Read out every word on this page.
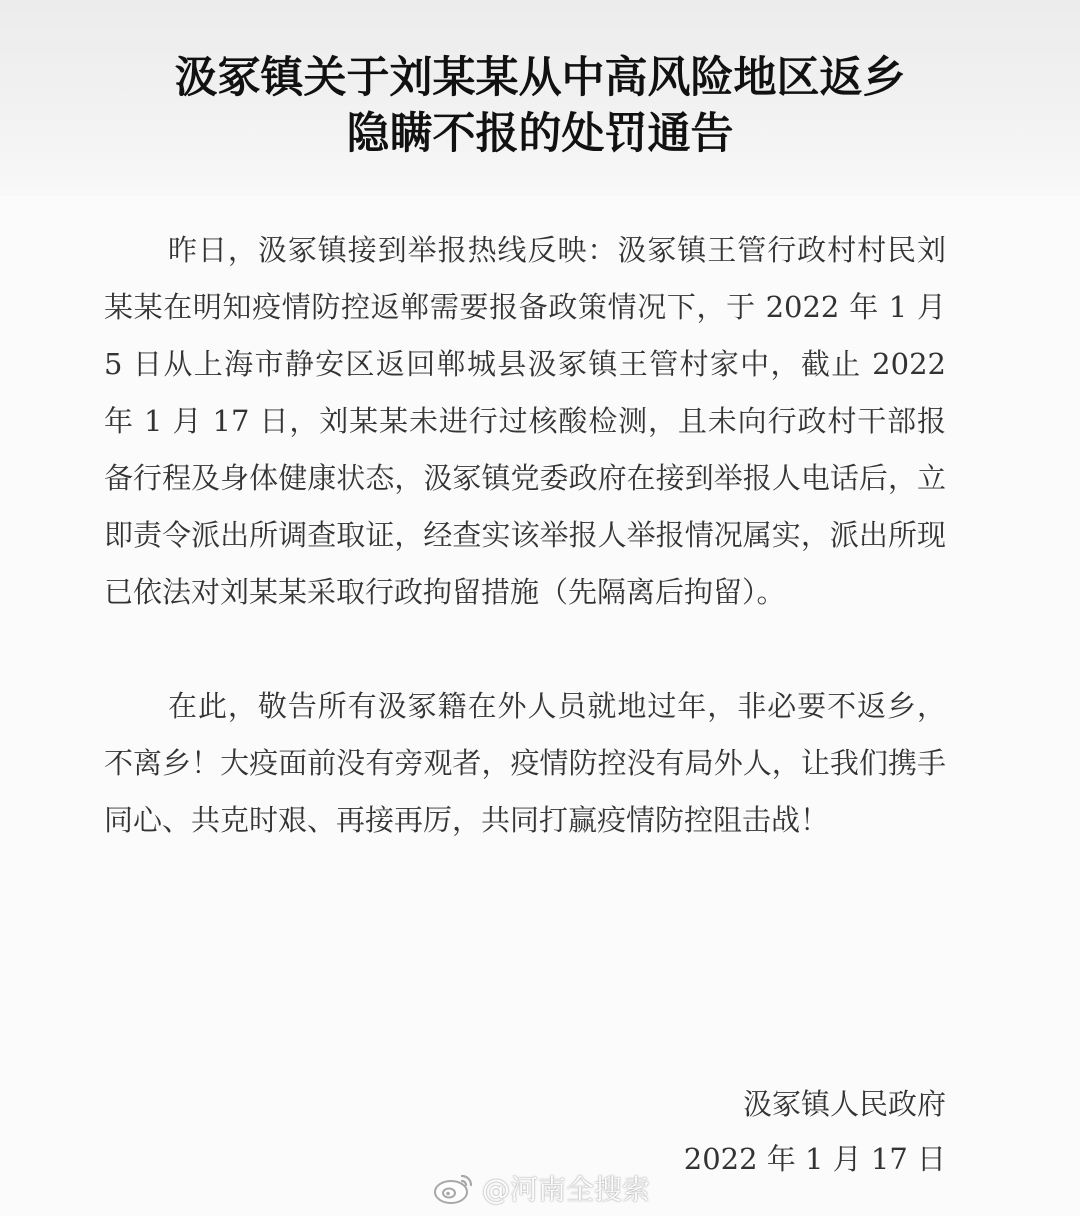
汲冢镇关于刘某某从中高风险地区返乡
隐瞒不报的处罚通告

昨日，汲冢镇接到举报热线反映：汲冢镇王管行政村村民刘某某在明知疫情防控返郸需要报备政策情况下，于 2022 年 1 月 5 日从上海市静安区返回郸城县汲冢镇王管村家中，截止 2022 年 1 月 17 日，刘某某未进行过核酸检测，且未向行政村干部报备行程及身体健康状态，汲冢镇党委政府在接到举报人电话后，立即责令派出所调查取证，经查实该举报人举报情况属实，派出所现已依法对刘某某采取行政拘留措施（先隔离后拘留）。

在此，敬告所有汲冢籍在外人员就地过年，非必要不返乡，不离乡！大疫面前没有旁观者，疫情防控没有局外人，让我们携手同心、共克时艰、再接再厉，共同打赢疫情防控阻击战！

汲冢镇人民政府
2022 年 1 月 17 日
@河南全搜索
